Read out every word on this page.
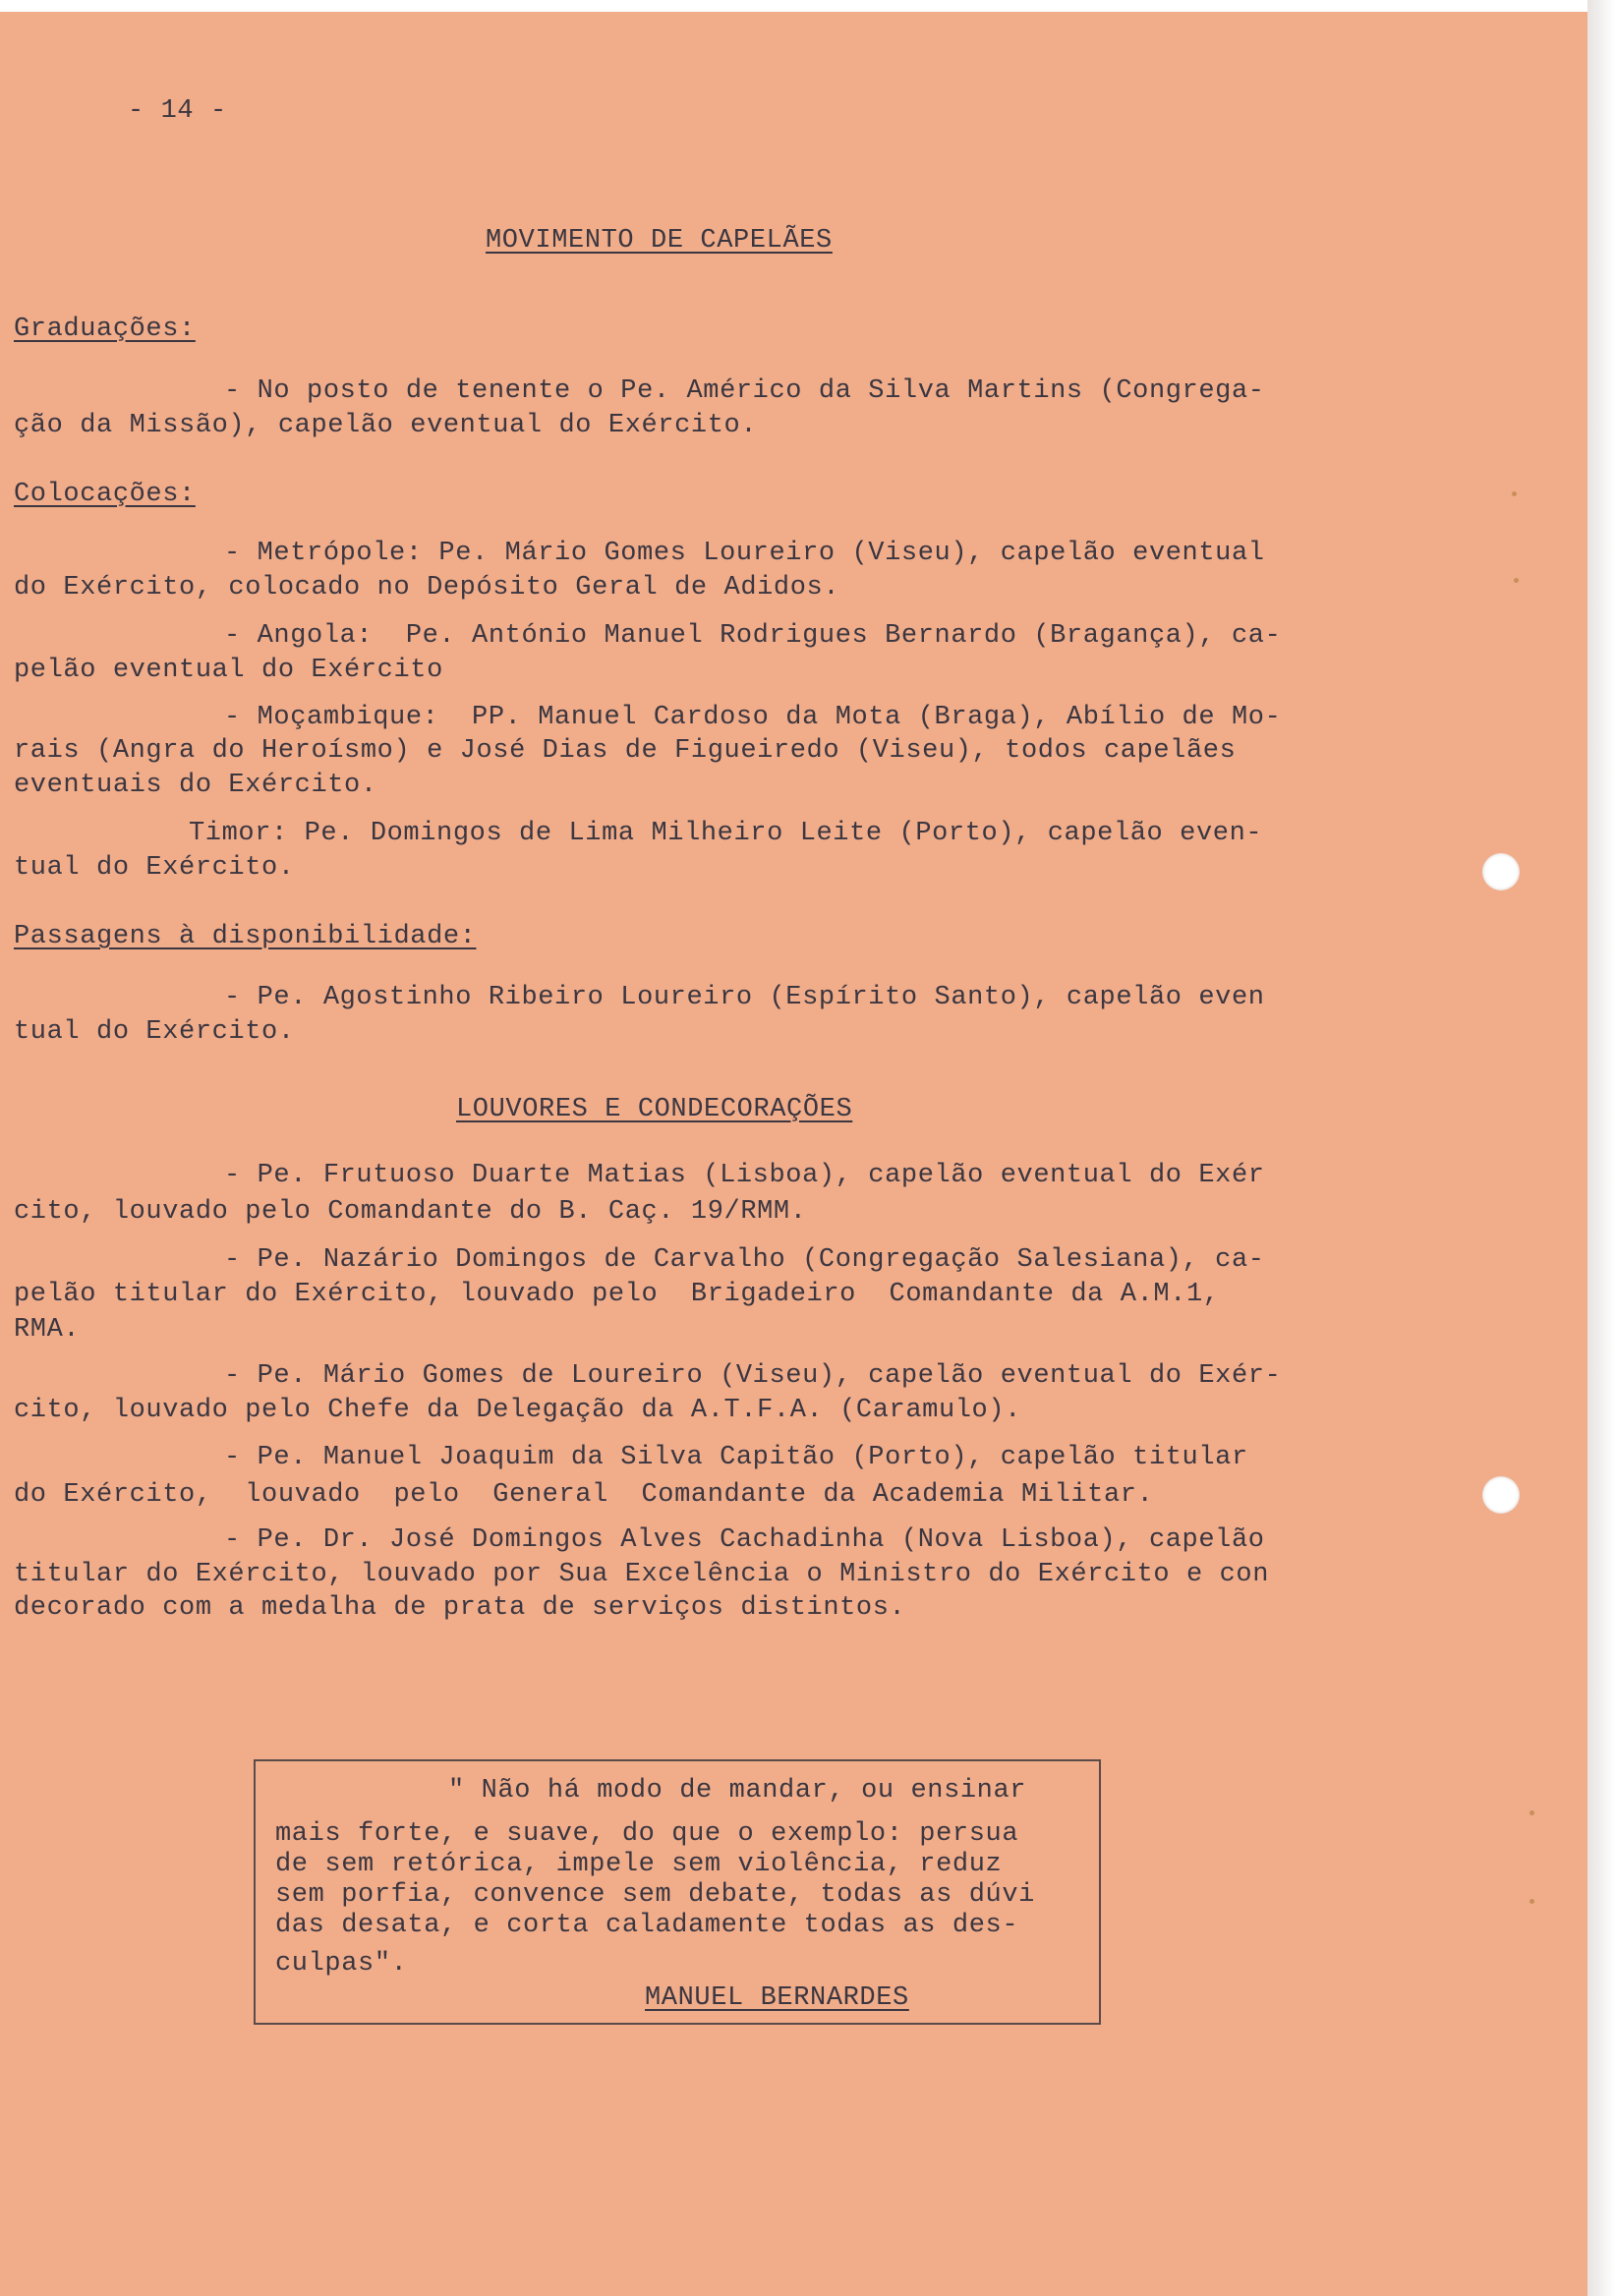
- 14 -
MOVIMENTO DE CAPELÃES
Graduações:
- No posto de tenente o Pe. Américo da Silva Martins (Congrega-
ção da Missão), capelão eventual do Exército.
Colocações:
- Metrópole: Pe. Mário Gomes Loureiro (Viseu), capelão eventual
do Exército, colocado no Depósito Geral de Adidos.
- Angola:  Pe. António Manuel Rodrigues Bernardo (Bragança), ca-
pelão eventual do Exército
- Moçambique:  PP. Manuel Cardoso da Mota (Braga), Abílio de Mo-
rais (Angra do Heroísmo) e José Dias de Figueiredo (Viseu), todos capelães
eventuais do Exército.
Timor: Pe. Domingos de Lima Milheiro Leite (Porto), capelão even-
tual do Exército.
Passagens à disponibilidade:
- Pe. Agostinho Ribeiro Loureiro (Espírito Santo), capelão even
tual do Exército.
LOUVORES E CONDECORAÇÕES
- Pe. Frutuoso Duarte Matias (Lisboa), capelão eventual do Exér
cito, louvado pelo Comandante do B. Caç. 19/RMM.
- Pe. Nazário Domingos de Carvalho (Congregação Salesiana), ca-
pelão titular do Exército, louvado pelo  Brigadeiro  Comandante da A.M.1,
RMA.
- Pe. Mário Gomes de Loureiro (Viseu), capelão eventual do Exér-
cito, louvado pelo Chefe da Delegação da A.T.F.A. (Caramulo).
- Pe. Manuel Joaquim da Silva Capitão (Porto), capelão titular
do Exército,  louvado  pelo  General  Comandante da Academia Militar.
- Pe. Dr. José Domingos Alves Cachadinha (Nova Lisboa), capelão
titular do Exército, louvado por Sua Excelência o Ministro do Exército e con
decorado com a medalha de prata de serviços distintos.
" Não há modo de mandar, ou ensinar
mais forte, e suave, do que o exemplo: persua
de sem retórica, impele sem violência, reduz
sem porfia, convence sem debate, todas as dúvi
das desata, e corta caladamente todas as des-
culpas".
MANUEL BERNARDES
